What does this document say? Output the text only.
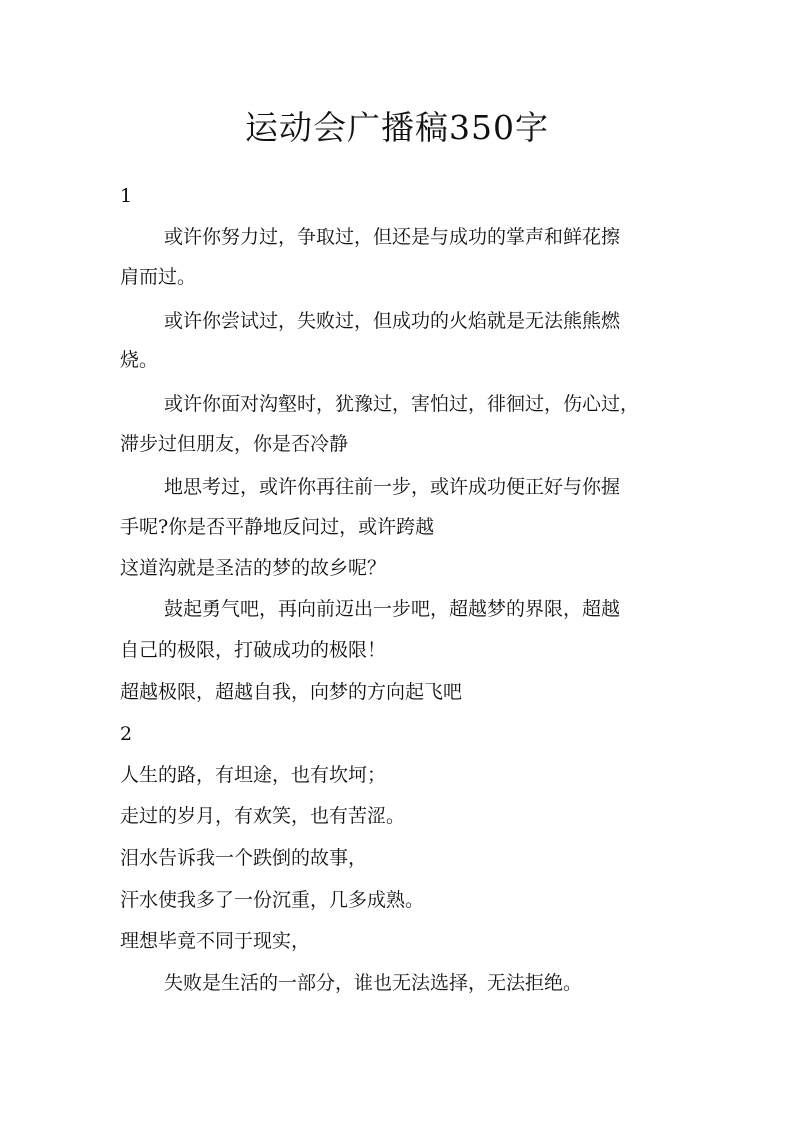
运动会广播稿350字
1
或许你努力过，争取过，但还是与成功的掌声和鲜花擦
肩而过。
或许你尝试过，失败过，但成功的火焰就是无法熊熊燃
烧。
或许你面对沟壑时，犹豫过，害怕过，徘徊过，伤心过，
滞步过但朋友，你是否冷静
地思考过，或许你再往前一步，或许成功便正好与你握
手呢?你是否平静地反问过，或许跨越
这道沟就是圣洁的梦的故乡呢？
鼓起勇气吧，再向前迈出一步吧，超越梦的界限，超越
自己的极限，打破成功的极限！
超越极限，超越自我，向梦的方向起飞吧
2
人生的路，有坦途，也有坎坷；
走过的岁月，有欢笑，也有苦涩。
泪水告诉我一个跌倒的故事，
汗水使我多了一份沉重，几多成熟。
理想毕竟不同于现实，
失败是生活的一部分，谁也无法选择，无法拒绝。
